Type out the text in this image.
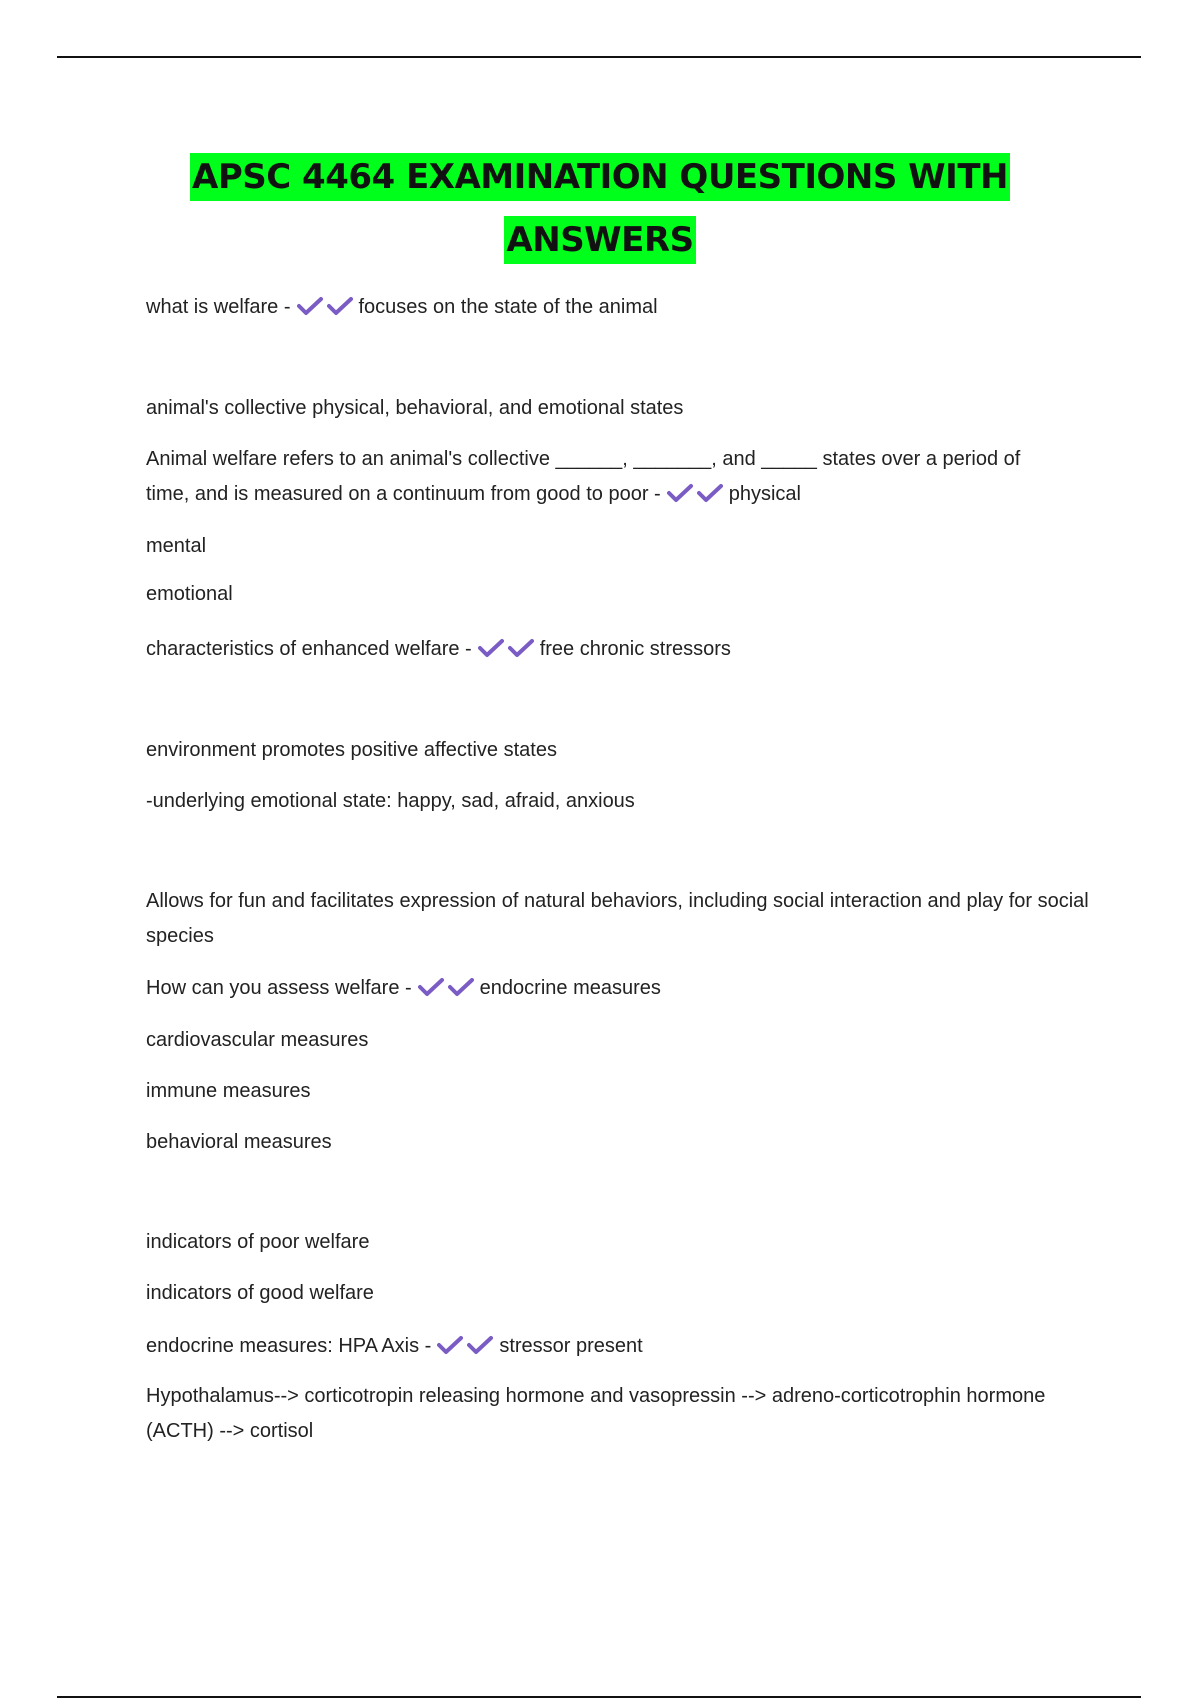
APSC 4464 EXAMINATION QUESTIONS WITH
ANSWERS
what is welfare -	focuses on the state of the animal
animal's collective physical, behavioral, and emotional states
Animal welfare refers to an animal's collective ______, _______, and _____ states over a period of
time, and is measured on a continuum from good to poor -	physical
mental
emotional
characteristics of enhanced welfare -	free chronic stressors
environment promotes positive affective states
-underlying emotional state: happy, sad, afraid, anxious
Allows for fun and facilitates expression of natural behaviors, including social interaction and play for social species
How can you assess welfare -	endocrine measures
cardiovascular measures
immune measures
behavioral measures
indicators of poor welfare
indicators of good welfare
endocrine measures: HPA Axis -	stressor present
Hypothalamus--> corticotropin releasing hormone and vasopressin --> adreno-corticotrophin hormone (ACTH) --> cortisol
